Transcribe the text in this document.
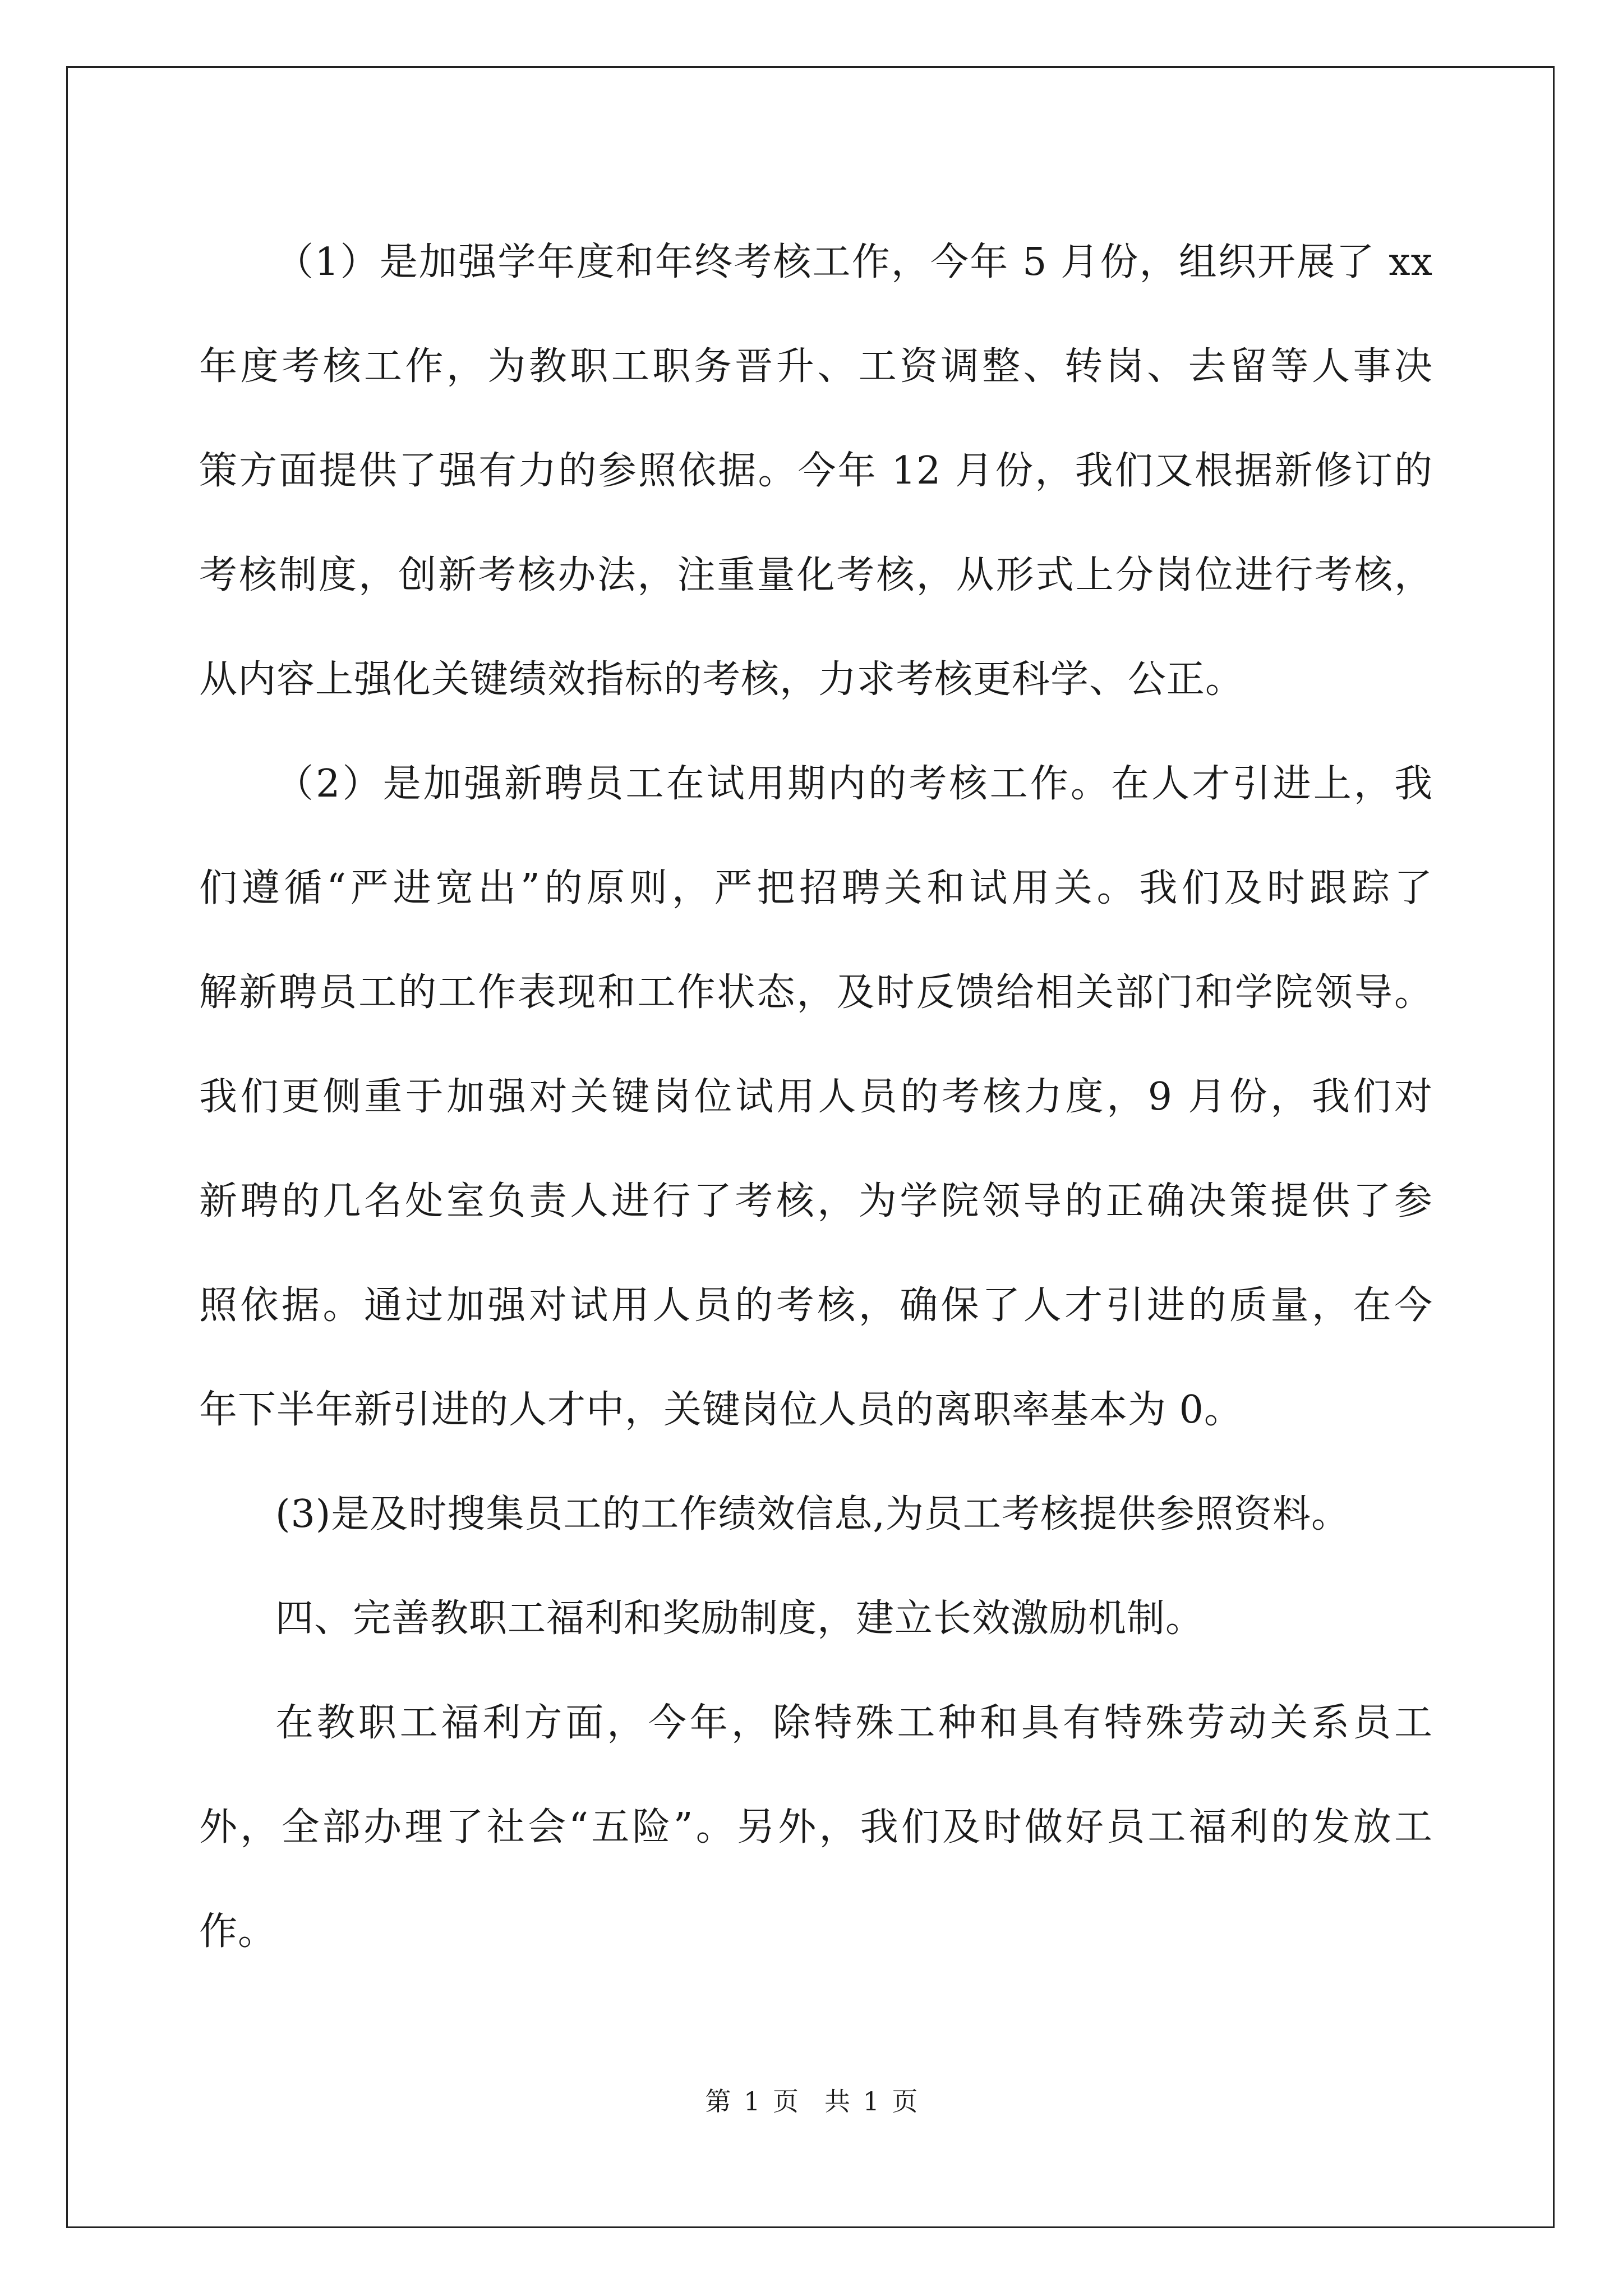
（1）是加强学年度和年终考核工作，今年 5 月份，组织开展了 xx
年度考核工作，为教职工职务晋升、工资调整、转岗、去留等人事决
策方面提供了强有力的参照依据。今年 12 月份，我们又根据新修订的
考核制度，创新考核办法，注重量化考核，从形式上分岗位进行考核，
从内容上强化关键绩效指标的考核，力求考核更科学、公正。
（2）是加强新聘员工在试用期内的考核工作。在人才引进上，我
们遵循“严进宽出”的原则，严把招聘关和试用关。我们及时跟踪了
解新聘员工的工作表现和工作状态，及时反馈给相关部门和学院领导。
我们更侧重于加强对关键岗位试用人员的考核力度，9 月份，我们对
新聘的几名处室负责人进行了考核，为学院领导的正确决策提供了参
照依据。通过加强对试用人员的考核，确保了人才引进的质量，在今
年下半年新引进的人才中，关键岗位人员的离职率基本为 0。
(3)是及时搜集员工的工作绩效信息,为员工考核提供参照资料。
四、完善教职工福利和奖励制度，建立长效激励机制。
在教职工福利方面，今年，除特殊工种和具有特殊劳动关系员工
外，全部办理了社会“五险”。另外，我们及时做好员工福利的发放工
作。
第 1 页　共 1 页
